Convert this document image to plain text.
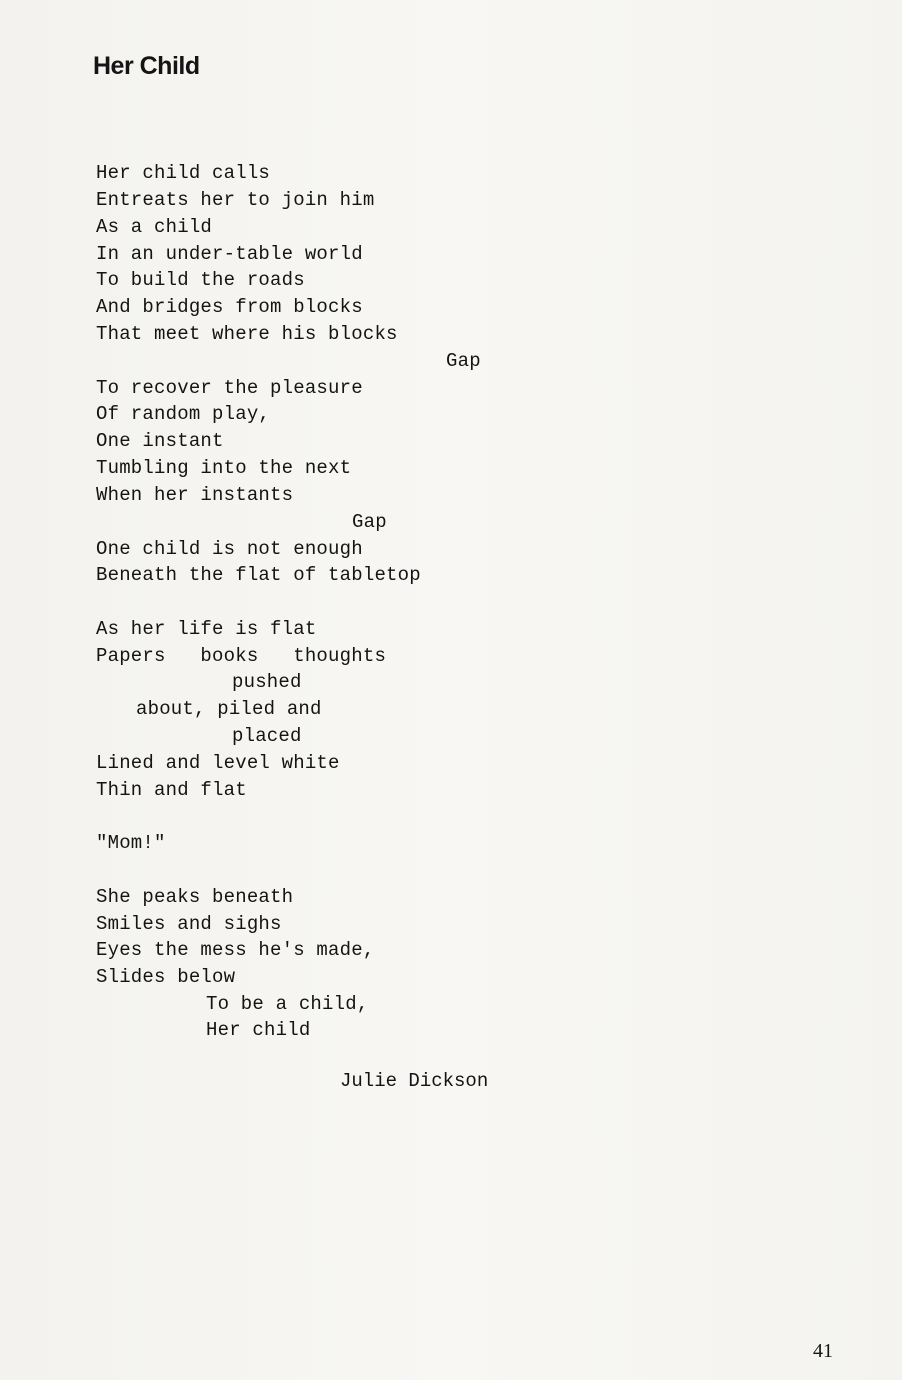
Her Child
Her child calls
Entreats her to join him
As a child
In an under-table world
To build the roads
And bridges from blocks
That meet where his blocks
Gap
To recover the pleasure
Of random play,
One instant
Tumbling into the next
When her instants
Gap
One child is not enough
Beneath the flat of tabletop
As her life is flat
Papers   books   thoughts
pushed
about, piled and
placed
Lined and level white
Thin and flat
"Mom!"
She peaks beneath
Smiles and sighs
Eyes the mess he's made,
Slides below
To be a child,
Her child
Julie Dickson
41
